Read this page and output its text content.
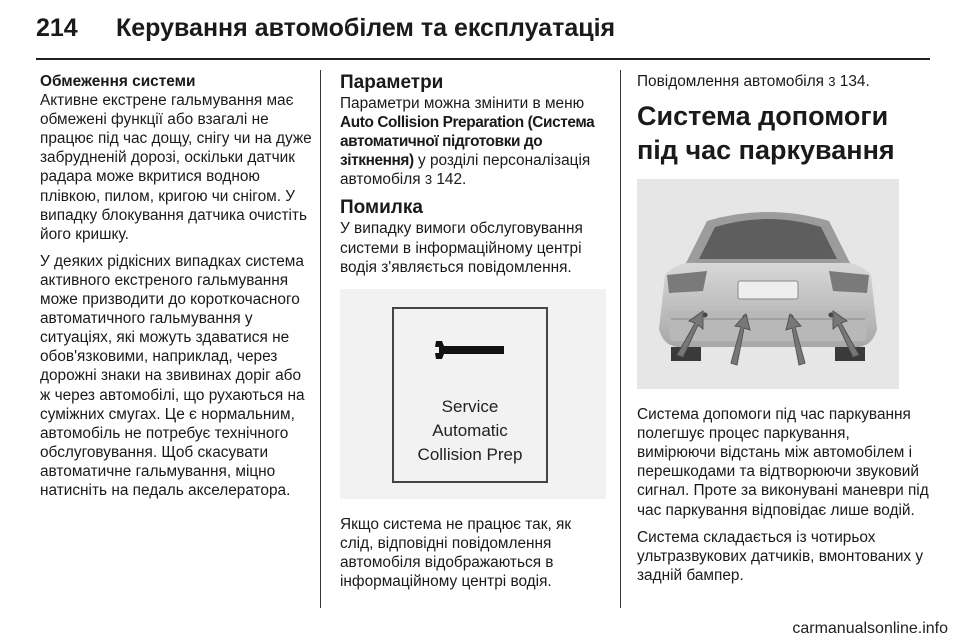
214 Керування автомобілем та експлуатація

Обмеження системи
Активне екстрене гальмування має обмежені функції або взагалі не працює під час дощу, снігу чи на дуже забрудненій дорозі, оскільки датчик радара може вкритися водною плівкою, пилом, кригою чи снігом. У випадку блокування датчика очистіть його кришку.

У деяких рідкісних випадках система активного екстреного гальмування може призводити до короткочасного автоматичного гальмування у ситуаціях, які можуть здаватися не обов'язковими, наприклад, через дорожні знаки на звивинах доріг або ж через автомобілі, що рухаються на суміжних смугах. Це є нормальним, автомобіль не потребує технічного обслуговування. Щоб скасувати автоматичне гальмування, міцно натисніть на педаль акселератора.

Параметри

Параметри можна змінити в меню Auto Collision Preparation (Система автоматичної підготовки до зіткнення) у розділі персоналізація автомобіля 3 142.

Помилка

У випадку вимоги обслуговування системи в інформаційному центрі водія з'являється повідомлення.

Service
Automatic
Collision Prep

Якщо система не працює так, як слід, відповідні повідомлення автомобіля відображаються в інформаційному центрі водія.

Повідомлення автомобіля 3 134.

Система допомоги під час паркування

Система допомоги під час паркування полегшує процес паркування, вимірюючи відстань між автомобілем і перешкодами та відтворюючи звуковий сигнал. Проте за виконувані маневри під час паркування відповідає лише водій.

Система складається із чотирьох ультразвукових датчиків, вмонтованих у задній бампер.

carmanualsonline.info
